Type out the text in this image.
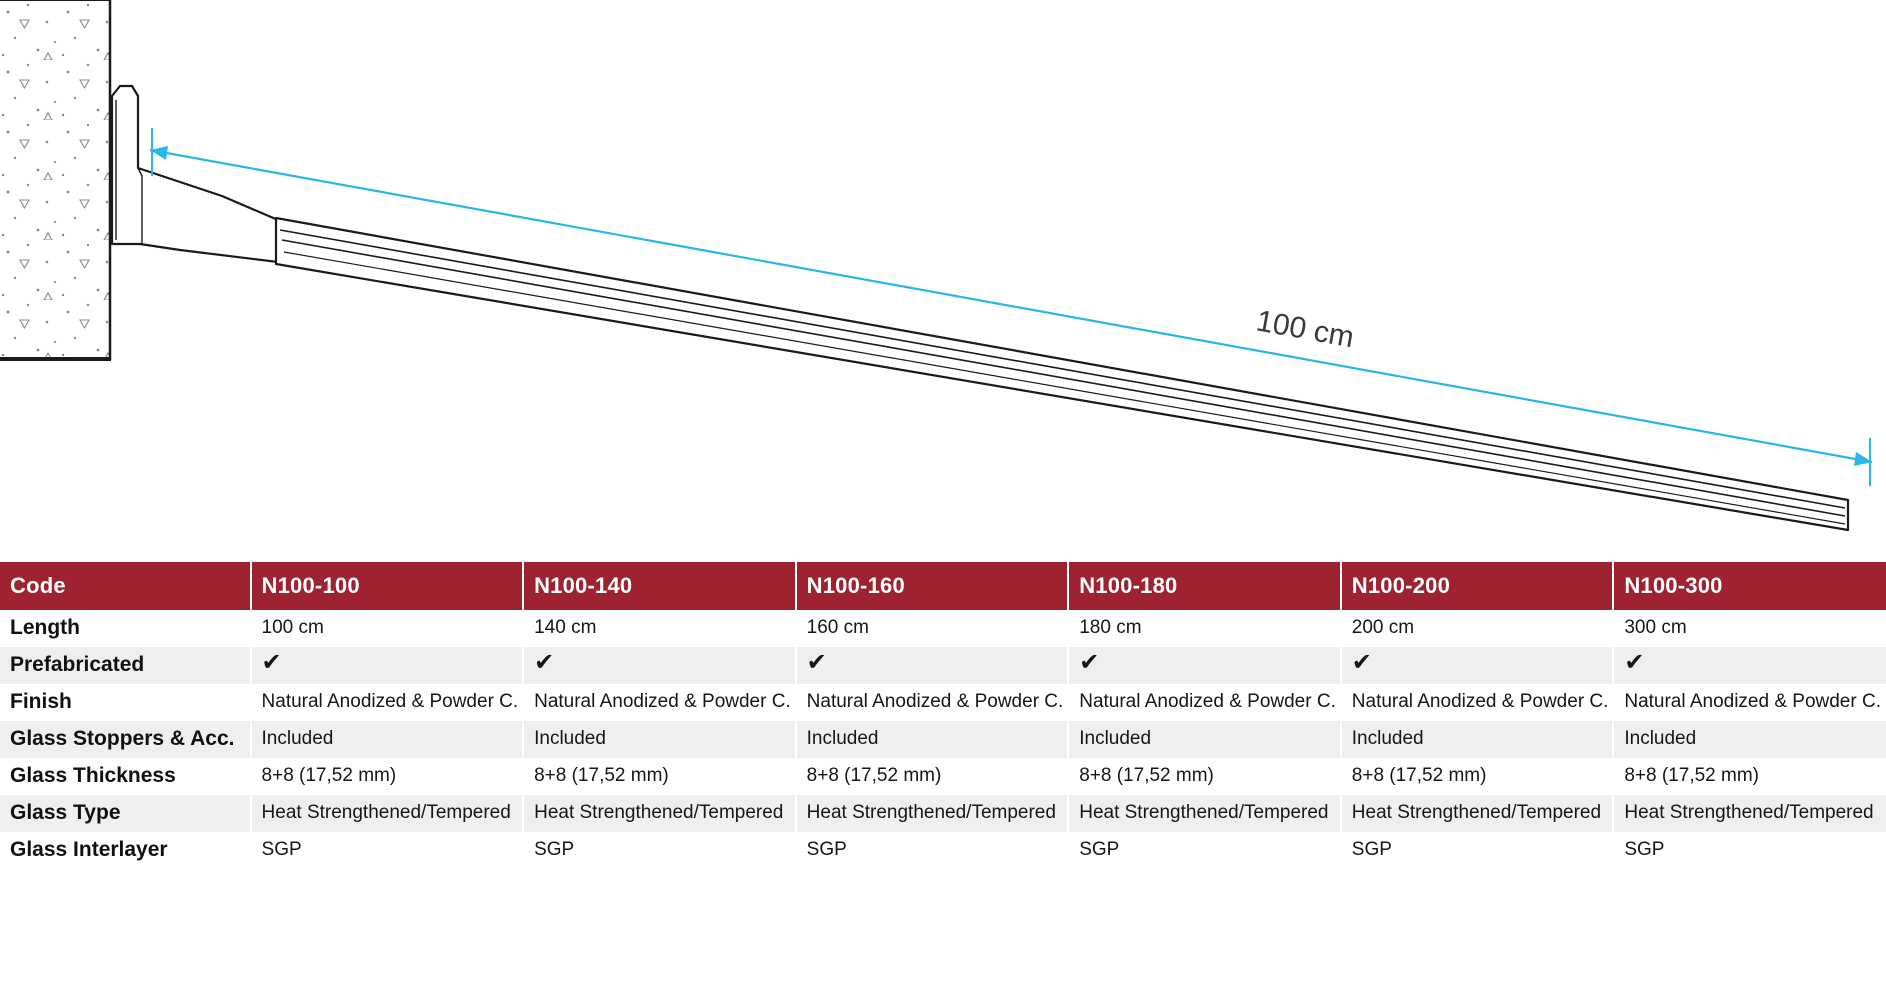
100 cm
Code	N100-100	N100-140	N100-160	N100-180	N100-200	N100-300
Length	100 cm	140 cm	160 cm	180 cm	200 cm	300 cm
Prefabricated	✔	✔	✔	✔	✔	✔
Finish	Natural Anodized & Powder C.	Natural Anodized & Powder C.	Natural Anodized & Powder C.	Natural Anodized & Powder C.	Natural Anodized & Powder C.	Natural Anodized & Powder C.
Glass Stoppers & Acc.	Included	Included	Included	Included	Included	Included
Glass Thickness	8+8 (17,52 mm)	8+8 (17,52 mm)	8+8 (17,52 mm)	8+8 (17,52 mm)	8+8 (17,52 mm)	8+8 (17,52 mm)
Glass Type	Heat Strengthened/Tempered	Heat Strengthened/Tempered	Heat Strengthened/Tempered	Heat Strengthened/Tempered	Heat Strengthened/Tempered	Heat Strengthened/Tempered
Glass Interlayer	SGP	SGP	SGP	SGP	SGP	SGP
